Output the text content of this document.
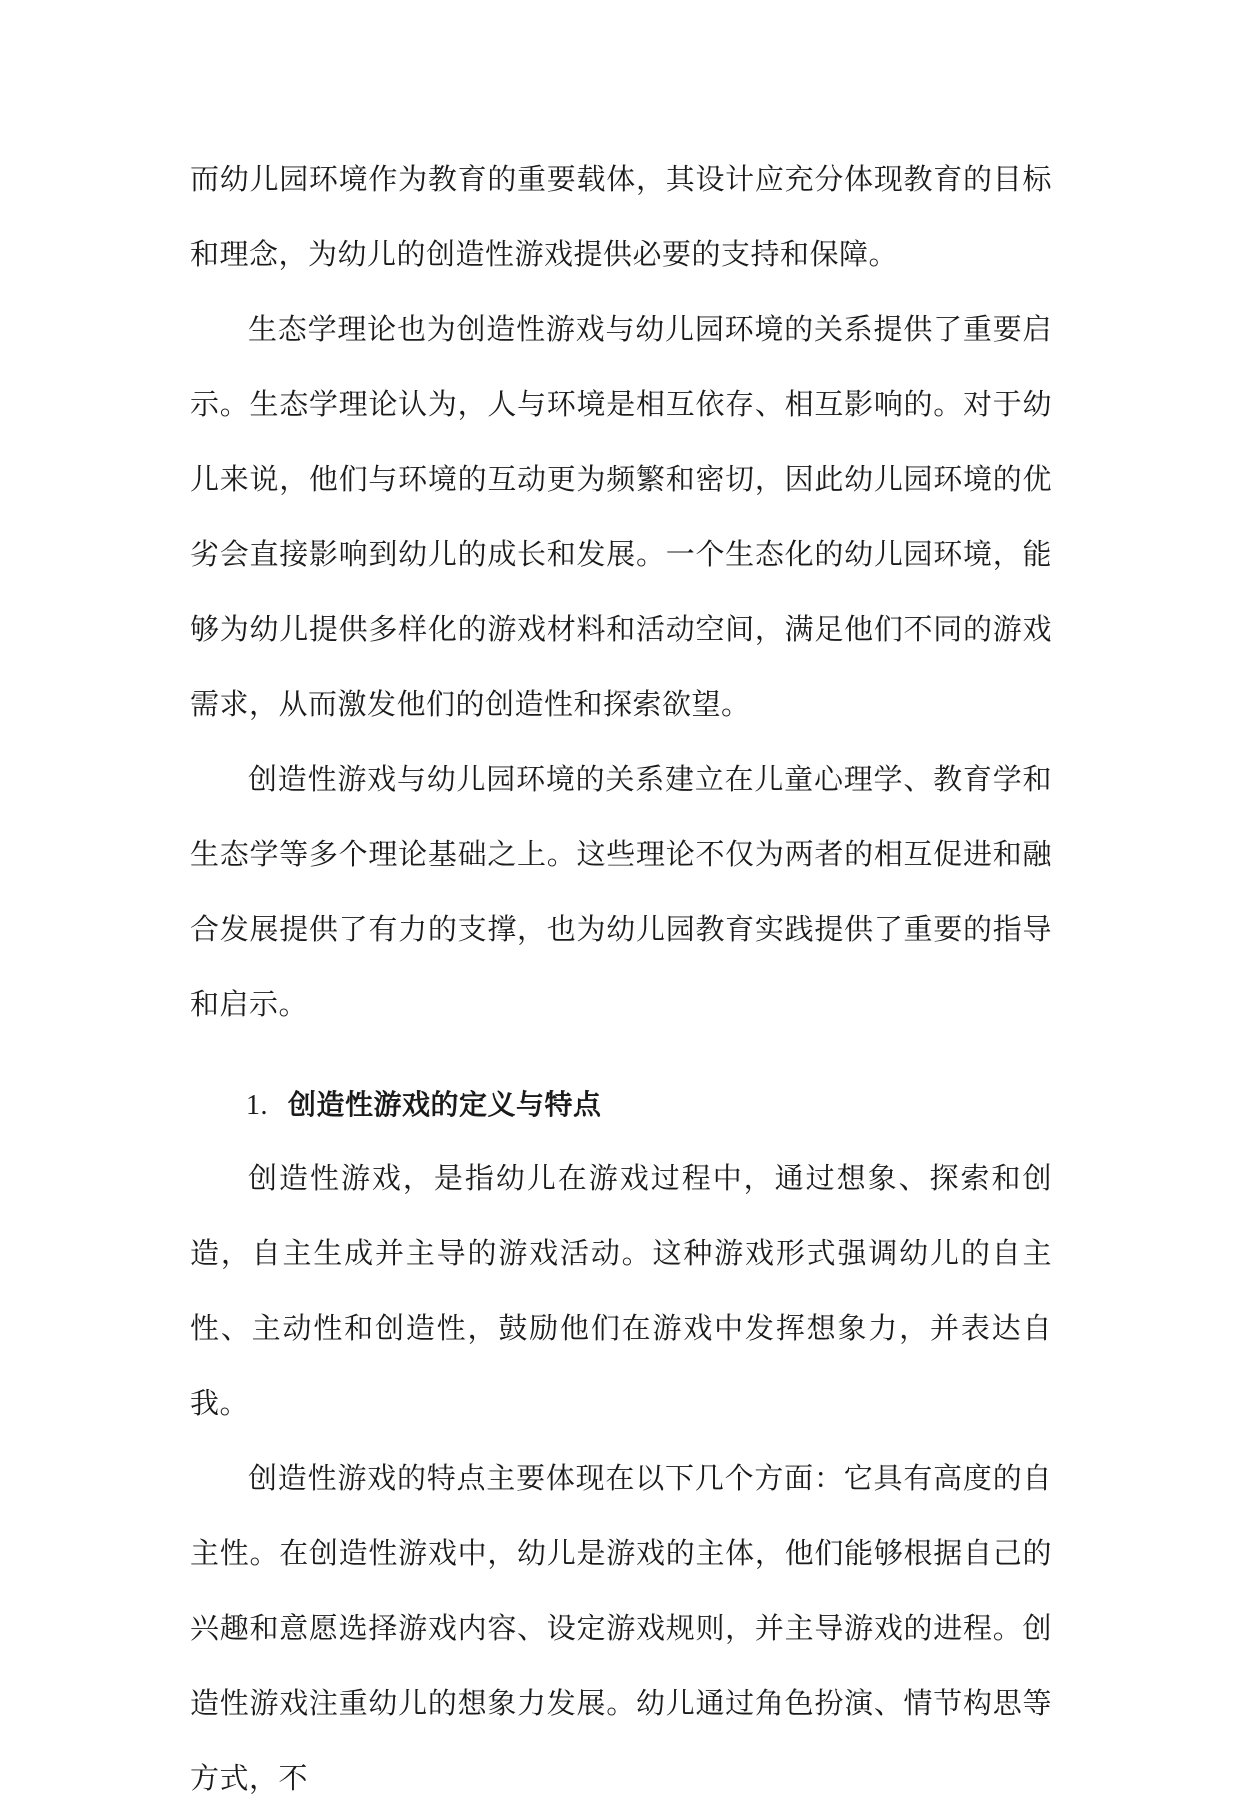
而幼儿园环境作为教育的重要载体，其设计应充分体现教育的目标和理念，为幼儿的创造性游戏提供必要的支持和保障。

生态学理论也为创造性游戏与幼儿园环境的关系提供了重要启示。生态学理论认为，人与环境是相互依存、相互影响的。对于幼儿来说，他们与环境的互动更为频繁和密切，因此幼儿园环境的优劣会直接影响到幼儿的成长和发展。一个生态化的幼儿园环境，能够为幼儿提供多样化的游戏材料和活动空间，满足他们不同的游戏需求，从而激发他们的创造性和探索欲望。

创造性游戏与幼儿园环境的关系建立在儿童心理学、教育学和生态学等多个理论基础之上。这些理论不仅为两者的相互促进和融合发展提供了有力的支撑，也为幼儿园教育实践提供了重要的指导和启示。

1. 创造性游戏的定义与特点

创造性游戏，是指幼儿在游戏过程中，通过想象、探索和创造，自主生成并主导的游戏活动。这种游戏形式强调幼儿的自主性、主动性和创造性，鼓励他们在游戏中发挥想象力，并表达自我。

创造性游戏的特点主要体现在以下几个方面：它具有高度的自主性。在创造性游戏中，幼儿是游戏的主体，他们能够根据自己的兴趣和意愿选择游戏内容、设定游戏规则，并主导游戏的进程。创造性游戏注重幼儿的想象力发展。幼儿通过角色扮演、情节构思等方式，不
